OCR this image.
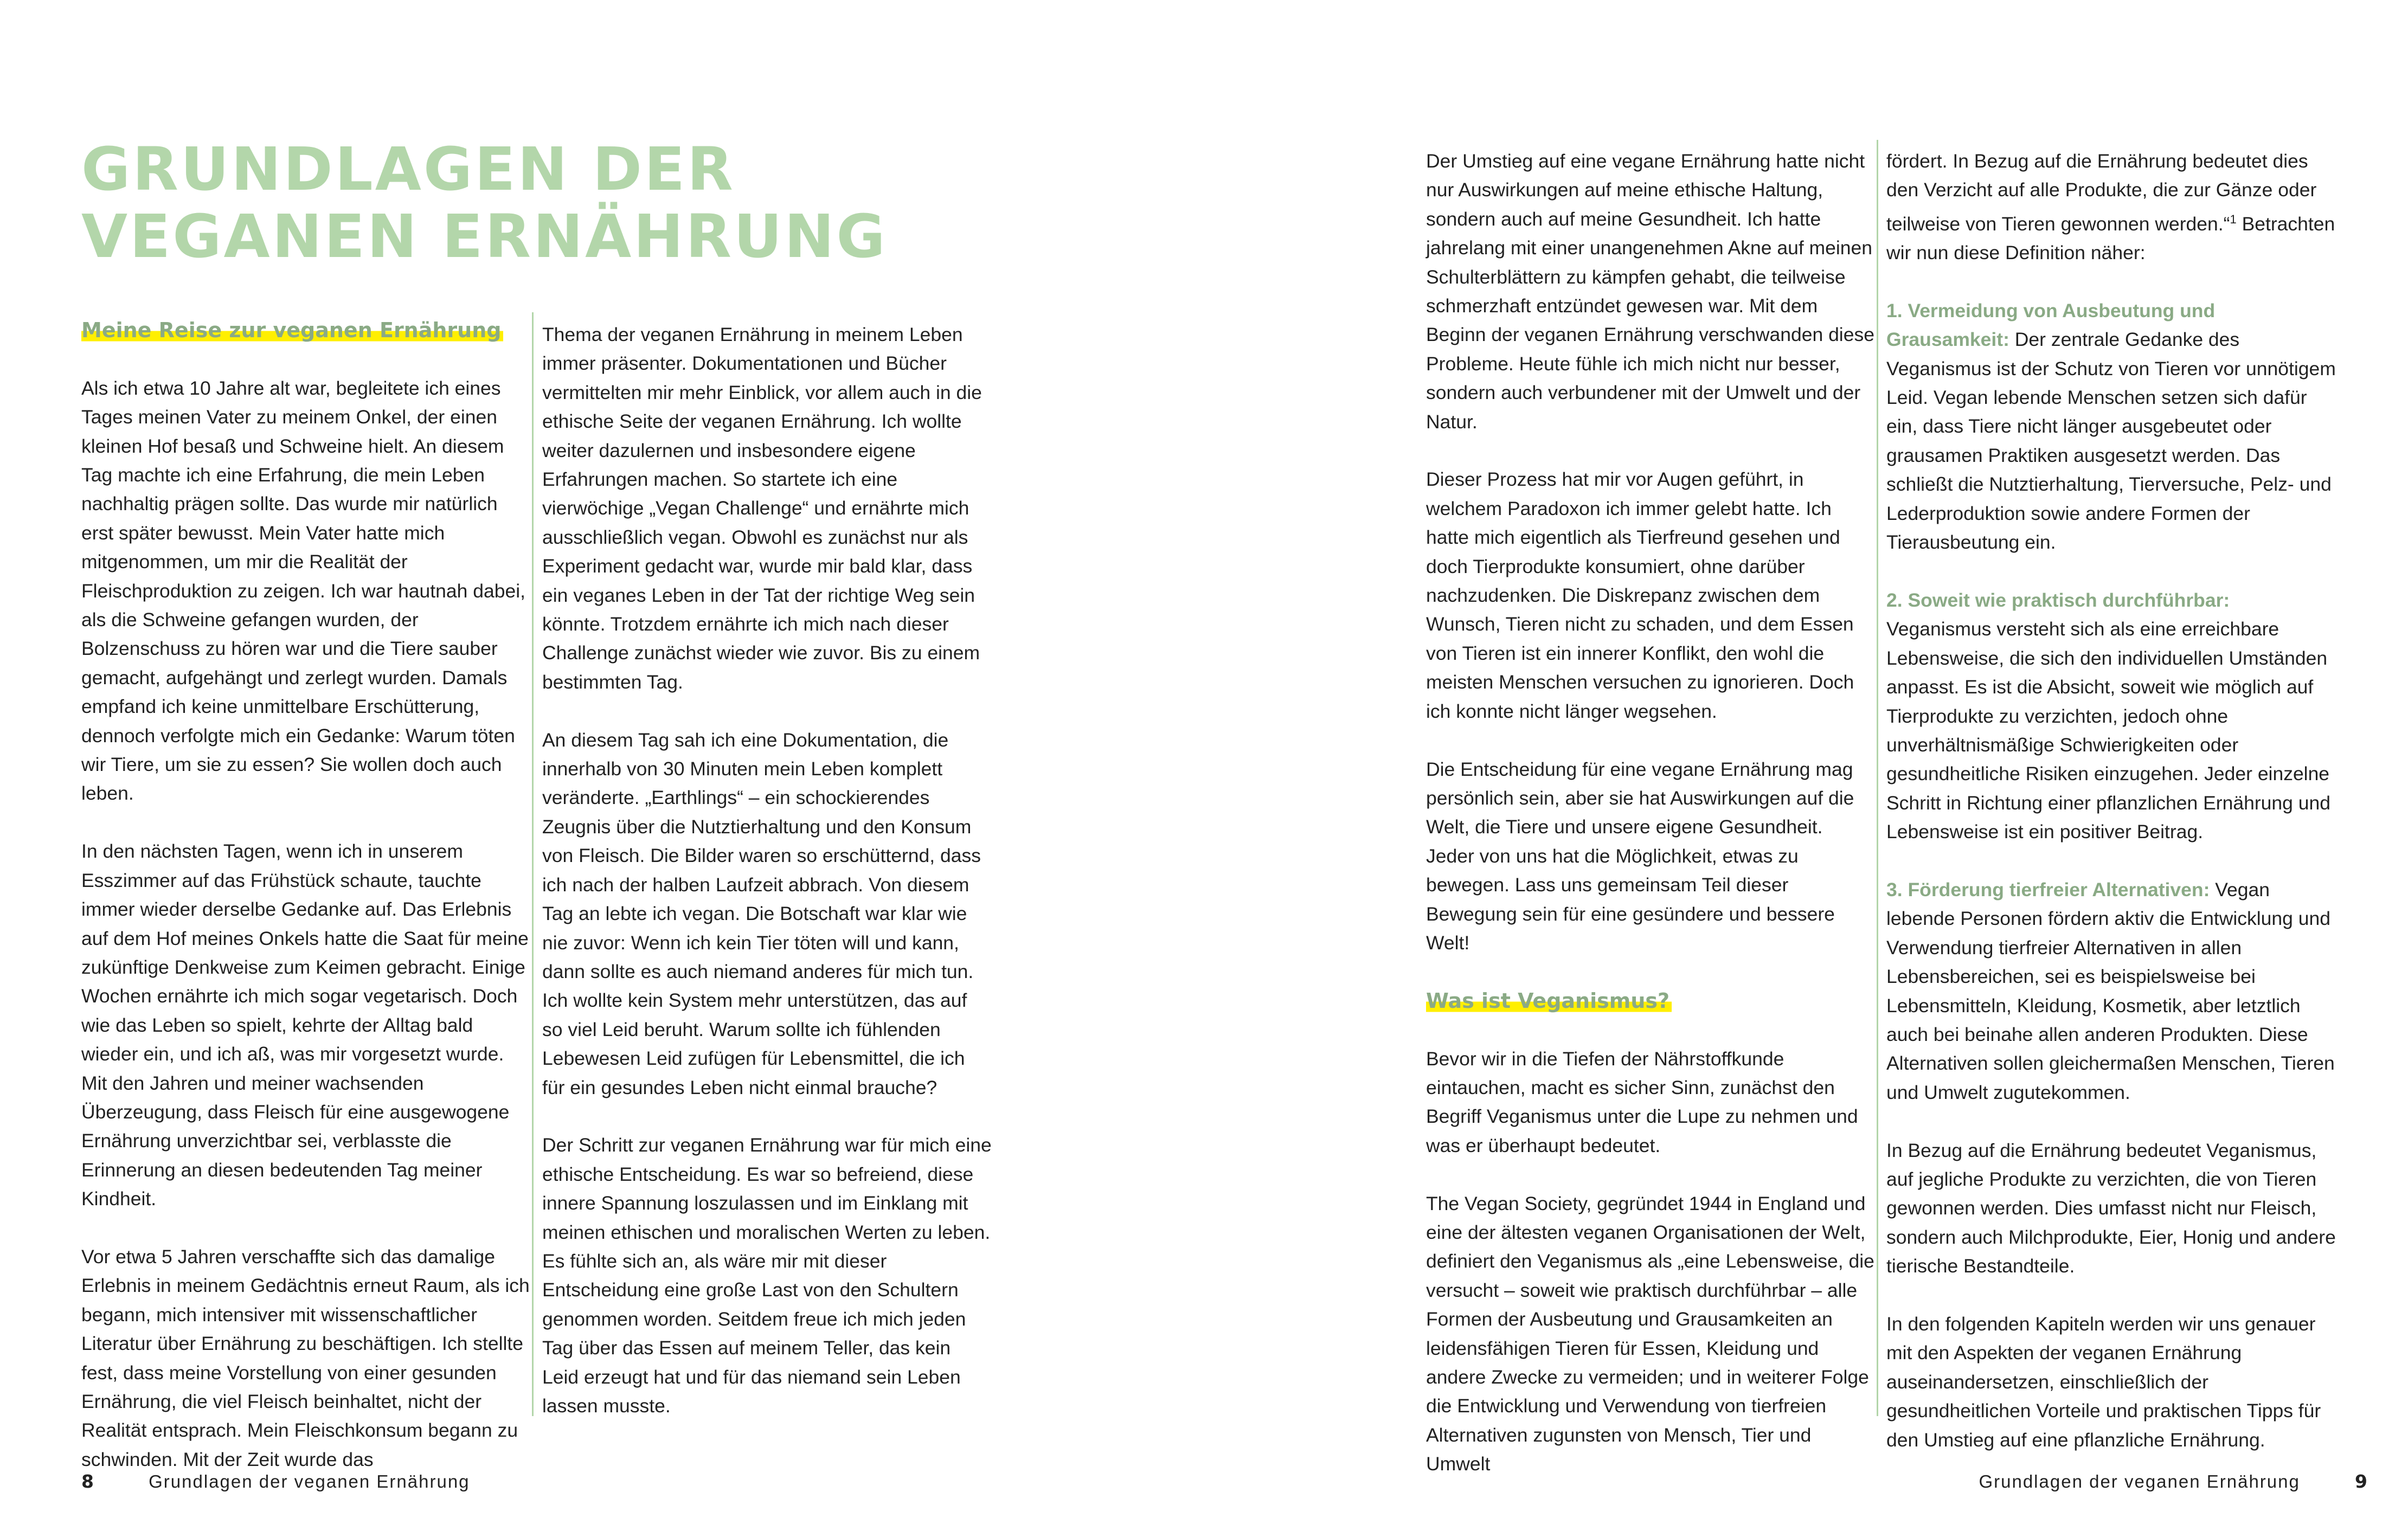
GRUNDLAGEN DER
VEGANEN ERNÄHRUNG
Meine Reise zur veganen Ernährung

Als ich etwa 10 Jahre alt war, begleitete ich eines Tages meinen Vater zu meinem Onkel, der einen kleinen Hof besaß und Schweine hielt. An diesem Tag machte ich eine Erfahrung, die mein Leben nachhaltig prägen sollte. Das wurde mir natürlich erst später bewusst. Mein Vater hatte mich mitgenommen, um mir die Realität der Fleischproduktion zu zeigen. Ich war hautnah dabei, als die Schweine gefangen wurden, der Bolzenschuss zu hören war und die Tiere sauber gemacht, aufgehängt und zerlegt wurden. Damals empfand ich keine unmittelbare Erschütterung, dennoch verfolgte mich ein Gedanke: Warum töten wir Tiere, um sie zu essen? Sie wollen doch auch leben.

In den nächsten Tagen, wenn ich in unserem Esszimmer auf das Frühstück schaute, tauchte immer wieder derselbe Gedanke auf. Das Erlebnis auf dem Hof meines Onkels hatte die Saat für meine zukünftige Denkweise zum Keimen gebracht. Einige Wochen ernährte ich mich sogar vegetarisch. Doch wie das Leben so spielt, kehrte der Alltag bald wieder ein, und ich aß, was mir vorgesetzt wurde. Mit den Jahren und meiner wachsenden Überzeugung, dass Fleisch für eine ausgewogene Ernährung unverzichtbar sei, verblasste die Erinnerung an diesen bedeutenden Tag meiner Kindheit.

Vor etwa 5 Jahren verschaffte sich das damalige Erlebnis in meinem Gedächtnis erneut Raum, als ich begann, mich intensiver mit wissenschaftlicher Literatur über Ernährung zu beschäftigen. Ich stellte fest, dass meine Vorstellung von einer gesunden Ernährung, die viel Fleisch beinhaltet, nicht der Realität entsprach. Mein Fleischkonsum begann zu schwinden. Mit der Zeit wurde das

Thema der veganen Ernährung in meinem Leben immer präsenter. Dokumentationen und Bücher vermittelten mir mehr Einblick, vor allem auch in die ethische Seite der veganen Ernährung. Ich wollte weiter dazulernen und insbesondere eigene Erfahrungen machen. So startete ich eine vierwöchige „Vegan Challenge“ und ernährte mich ausschließlich vegan. Obwohl es zunächst nur als Experiment gedacht war, wurde mir bald klar, dass ein veganes Leben in der Tat der richtige Weg sein könnte. Trotzdem ernährte ich mich nach dieser Challenge zunächst wieder wie zuvor. Bis zu einem bestimmten Tag.

An diesem Tag sah ich eine Dokumentation, die innerhalb von 30 Minuten mein Leben komplett veränderte. „Earthlings“ – ein schockierendes Zeugnis über die Nutztierhaltung und den Konsum von Fleisch. Die Bilder waren so erschütternd, dass ich nach der halben Laufzeit abbrach. Von diesem Tag an lebte ich vegan. Die Botschaft war klar wie nie zuvor: Wenn ich kein Tier töten will und kann, dann sollte es auch niemand anderes für mich tun. Ich wollte kein System mehr unterstützen, das auf so viel Leid beruht. Warum sollte ich fühlenden Lebewesen Leid zufügen für Lebensmittel, die ich für ein gesundes Leben nicht einmal brauche?

Der Schritt zur veganen Ernährung war für mich eine ethische Entscheidung. Es war so befreiend, diese innere Spannung loszulassen und im Einklang mit meinen ethischen und moralischen Werten zu leben. Es fühlte sich an, als wäre mir mit dieser Entscheidung eine große Last von den Schultern genommen worden. Seitdem freue ich mich jeden Tag über das Essen auf meinem Teller, das kein Leid erzeugt hat und für das niemand sein Leben lassen musste.

8	Grundlagen der veganen Ernährung

Der Umstieg auf eine vegane Ernährung hatte nicht nur Auswirkungen auf meine ethische Haltung, sondern auch auf meine Gesundheit. Ich hatte jahrelang mit einer unangenehmen Akne auf meinen Schulterblättern zu kämpfen gehabt, die teilweise schmerzhaft entzündet gewesen war. Mit dem Beginn der veganen Ernährung verschwanden diese Probleme. Heute fühle ich mich nicht nur besser, sondern auch verbundener mit der Umwelt und der Natur.

Dieser Prozess hat mir vor Augen geführt, in welchem Paradoxon ich immer gelebt hatte. Ich hatte mich eigentlich als Tierfreund gesehen und doch Tierprodukte konsumiert, ohne darüber nachzudenken. Die Diskrepanz zwischen dem Wunsch, Tieren nicht zu schaden, und dem Essen von Tieren ist ein innerer Konflikt, den wohl die meisten Menschen versuchen zu ignorieren. Doch ich konnte nicht länger wegsehen.

Die Entscheidung für eine vegane Ernährung mag persönlich sein, aber sie hat Auswirkungen auf die Welt, die Tiere und unsere eigene Gesundheit. Jeder von uns hat die Möglichkeit, etwas zu bewegen. Lass uns gemeinsam Teil dieser Bewegung sein für eine gesündere und bessere Welt!

Was ist Veganismus?

Bevor wir in die Tiefen der Nährstoffkunde eintauchen, macht es sicher Sinn, zunächst den Begriff Veganismus unter die Lupe zu nehmen und was er überhaupt bedeutet.

The Vegan Society, gegründet 1944 in England und eine der ältesten veganen Organisationen der Welt, definiert den Veganismus als „eine Lebensweise, die versucht – soweit wie praktisch durchführbar – alle Formen der Ausbeutung und Grausamkeiten an leidensfähigen Tieren für Essen, Kleidung und andere Zwecke zu vermeiden; und in weiterer Folge die Entwicklung und Verwendung von tierfreien Alternativen zugunsten von Mensch, Tier und Umwelt

fördert. In Bezug auf die Ernährung bedeutet dies den Verzicht auf alle Produkte, die zur Gänze oder teilweise von Tieren gewonnen werden.“$^1$ Betrachten wir nun diese Definition näher:

1. Vermeidung von Ausbeutung und Grausamkeit: Der zentrale Gedanke des Veganismus ist der Schutz von Tieren vor unnötigem Leid. Vegan lebende Menschen setzen sich dafür ein, dass Tiere nicht länger ausgebeutet oder grausamen Praktiken ausgesetzt werden. Das schließt die Nutztierhaltung, Tierversuche, Pelz- und Lederproduktion sowie andere Formen der Tierausbeutung ein.

2. Soweit wie praktisch durchführbar: Veganismus versteht sich als eine erreichbare Lebensweise, die sich den individuellen Umständen anpasst. Es ist die Absicht, soweit wie möglich auf Tierprodukte zu verzichten, jedoch ohne unverhältnismäßige Schwierigkeiten oder gesundheitliche Risiken einzugehen. Jeder einzelne Schritt in Richtung einer pflanzlichen Ernährung und Lebensweise ist ein positiver Beitrag.

3. Förderung tierfreier Alternativen: Vegan lebende Personen fördern aktiv die Entwicklung und Verwendung tierfreier Alternativen in allen Lebensbereichen, sei es beispielsweise bei Lebensmitteln, Kleidung, Kosmetik, aber letztlich auch bei beinahe allen anderen Produkten. Diese Alternativen sollen gleichermaßen Menschen, Tieren und Umwelt zugutekommen.

In Bezug auf die Ernährung bedeutet Veganismus, auf jegliche Produkte zu verzichten, die von Tieren gewonnen werden. Dies umfasst nicht nur Fleisch, sondern auch Milchprodukte, Eier, Honig und andere tierische Bestandteile.

In den folgenden Kapiteln werden wir uns genauer mit den Aspekten der veganen Ernährung auseinandersetzen, einschließlich der gesundheitlichen Vorteile und praktischen Tipps für den Umstieg auf eine pflanzliche Ernährung.

Grundlagen der veganen Ernährung	9
